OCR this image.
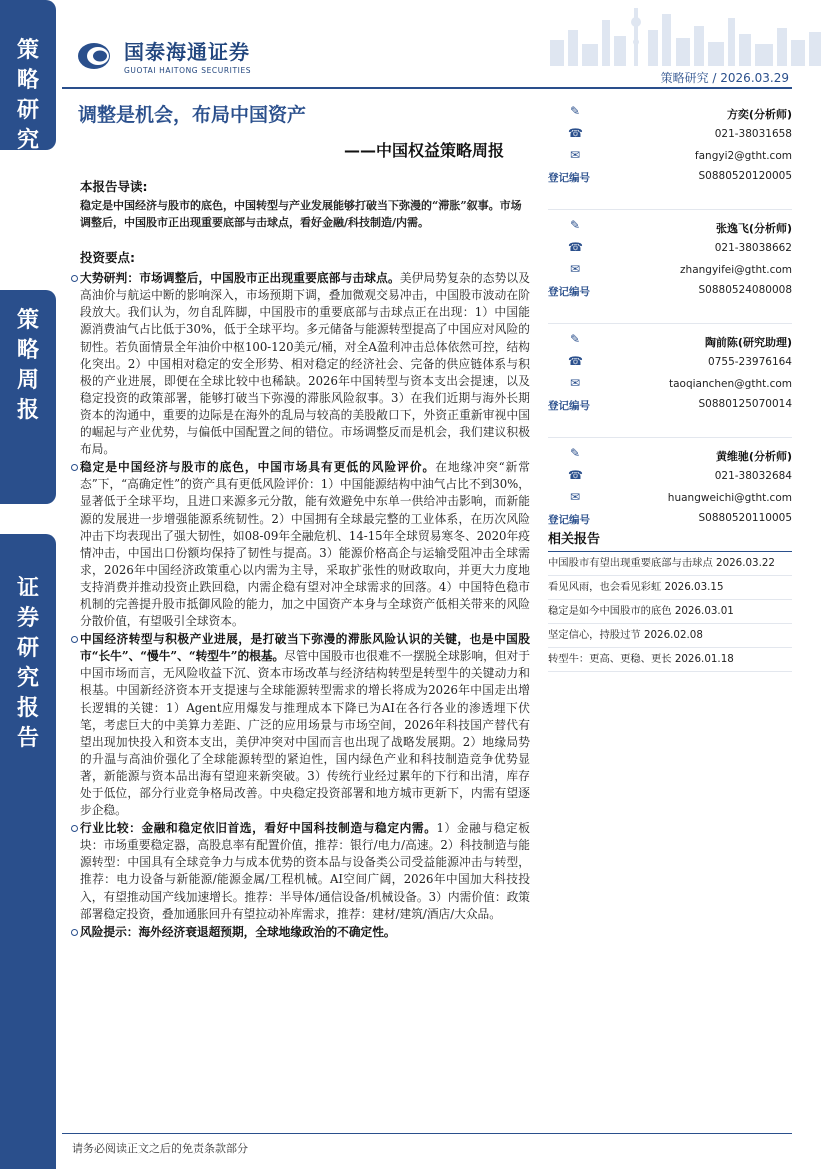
策
略
研
究
策
略
周
报
证
券
研
究
报
告
国泰海通证券
GUOTAI HAITONG SECURITIES
策略研究 / 2026.03.29
调整是机会，布局中国资产
——中国权益策略周报
本报告导读:
稳定是中国经济与股市的底色，中国转型与产业发展能够打破当下弥漫的“滞胀”叙事。市场调整后，中国股市正出现重要底部与击球点，看好金融/科技制造/内需。
投资要点:
大势研判：市场调整后，中国股市正出现重要底部与击球点。美伊局势复杂的态势以及高油价与航运中断的影响深入，市场预期下调，叠加微观交易冲击，中国股市波动在阶段放大。我们认为，勿自乱阵脚，中国股市的重要底部与击球点正在出现：1）中国能源消费油气占比低于30%，低于全球平均。多元储备与能源转型提高了中国应对风险的韧性。若负面情景全年油价中枢100-120美元/桶，对全A盈利冲击总体依然可控，结构化突出。2）中国相对稳定的安全形势、相对稳定的经济社会、完备的供应链体系与积极的产业进展，即便在全球比较中也稀缺。2026年中国转型与资本支出会提速，以及稳定投资的政策部署，能够打破当下弥漫的滞胀风险叙事。3）在我们近期与海外长期资本的沟通中，重要的边际是在海外的乱局与较高的美股敞口下，外资正重新审视中国的崛起与产业优势，与偏低中国配置之间的错位。市场调整反而是机会，我们建议积极布局。
稳定是中国经济与股市的底色，中国市场具有更低的风险评价。在地缘冲突“新常态”下，“高确定性”的资产具有更低风险评价：1）中国能源结构中油气占比不到30%，显著低于全球平均，且进口来源多元分散，能有效避免中东单一供给冲击影响，而新能源的发展进一步增强能源系统韧性。2）中国拥有全球最完整的工业体系，在历次风险冲击下均表现出了强大韧性，如08-09年全融危机、14-15年全球贸易寒冬、2020年疫情冲击，中国出口份额均保持了韧性与提高。3）能源价格高企与运输受阻冲击全球需求，2026年中国经济政策重心以内需为主导，采取扩张性的财政取向，并更大力度地支持消费并推动投资止跌回稳，内需企稳有望对冲全球需求的回落。4）中国特色稳市机制的完善提升股市抵御风险的能力，加之中国资产本身与全球资产低相关带来的风险分散价值，有望吸引全球资本。
中国经济转型与积极产业进展，是打破当下弥漫的滞胀风险认识的关键，也是中国股市“长牛”、“慢牛”、“转型牛”的根基。尽管中国股市也很难不一摆脱全球影响，但对于中国市场而言，无风险收益下沉、资本市场改革与经济结构转型是转型牛的关键动力和根基。中国新经济资本开支提速与全球能源转型需求的增长将成为2026年中国走出增长逻辑的关键：1）Agent应用爆发与推理成本下降已为AI在各行各业的渗透埋下伏笔，考虑巨大的中美算力差距、广泛的应用场景与市场空间，2026年科技国产替代有望出现加快投入和资本支出，美伊冲突对中国而言也出现了战略发展期。2）地缘局势的升温与高油价强化了全球能源转型的紧迫性，国内绿色产业和科技制造竞争优势显著，新能源与资本品出海有望迎来新突破。3）传统行业经过累年的下行和出清，库存处于低位，部分行业竞争格局改善。中央稳定投资部署和地方城市更新下，内需有望逐步企稳。
行业比较：金融和稳定依旧首选，看好中国科技制造与稳定内需。1）金融与稳定板块：市场重要稳定器，高股息率有配置价值，推荐：银行/电力/高速。2）科技制造与能源转型：中国具有全球竞争力与成本优势的资本品与设备类公司受益能源冲击与转型，推荐：电力设备与新能源/能源金属/工程机械。AI空间广阔，2026年中国加大科技投入，有望推动国产线加速增长。推荐：半导体/通信设备/机械设备。3）内需价值：政策部署稳定投资，叠加通胀回升有望拉动补库需求，推荐：建材/建筑/酒店/大众品。
风险提示：海外经济衰退超预期，全球地缘政治的不确定性。
✎	方奕(分析师)
☎	021-38031658
✉	fangyi2@gtht.com
登记编号	S0880520120005
✎	张逸飞(分析师)
☎	021-38038662
✉	zhangyifei@gtht.com
登记编号	S0880524080008
✎	陶前陈(研究助理)
☎	0755-23976164
✉	taoqianchen@gtht.com
登记编号	S0880125070014
✎	黄维驰(分析师)
☎	021-38032684
✉	huangweichi@gtht.com
登记编号	S0880520110005
相关报告
中国股市有望出现重要底部与击球点 2026.03.22
看见风雨，也会看见彩虹 2026.03.15
稳定是如今中国股市的底色 2026.03.01
坚定信心，持股过节 2026.02.08
转型牛：更高、更稳、更长 2026.01.18
请务必阅读正文之后的免责条款部分
